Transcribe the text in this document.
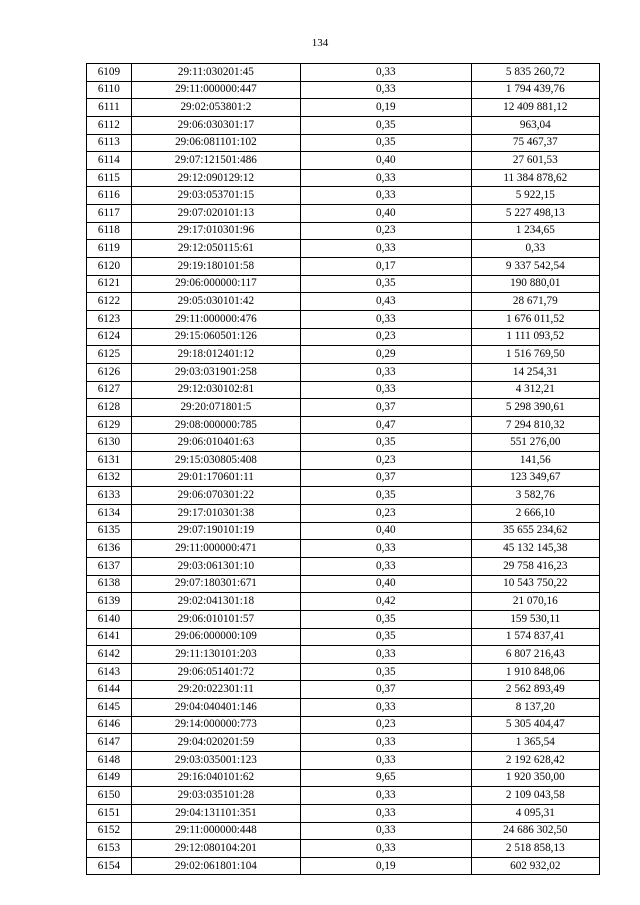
134
6109	29:11:030201:45	0,33	5 835 260,72
6110	29:11:000000:447	0,33	1 794 439,76
6111	29:02:053801:2	0,19	12 409 881,12
6112	29:06:030301:17	0,35	963,04
6113	29:06:081101:102	0,35	75 467,37
6114	29:07:121501:486	0,40	27 601,53
6115	29:12:090129:12	0,33	11 384 878,62
6116	29:03:053701:15	0,33	5 922,15
6117	29:07:020101:13	0,40	5 227 498,13
6118	29:17:010301:96	0,23	1 234,65
6119	29:12:050115:61	0,33	0,33
6120	29:19:180101:58	0,17	9 337 542,54
6121	29:06:000000:117	0,35	190 880,01
6122	29:05:030101:42	0,43	28 671,79
6123	29:11:000000:476	0,33	1 676 011,52
6124	29:15:060501:126	0,23	1 111 093,52
6125	29:18:012401:12	0,29	1 516 769,50
6126	29:03:031901:258	0,33	14 254,31
6127	29:12:030102:81	0,33	4 312,21
6128	29:20:071801:5	0,37	5 298 390,61
6129	29:08:000000:785	0,47	7 294 810,32
6130	29:06:010401:63	0,35	551 276,00
6131	29:15:030805:408	0,23	141,56
6132	29:01:170601:11	0,37	123 349,67
6133	29:06:070301:22	0,35	3 582,76
6134	29:17:010301:38	0,23	2 666,10
6135	29:07:190101:19	0,40	35 655 234,62
6136	29:11:000000:471	0,33	45 132 145,38
6137	29:03:061301:10	0,33	29 758 416,23
6138	29:07:180301:671	0,40	10 543 750,22
6139	29:02:041301:18	0,42	21 070,16
6140	29:06:010101:57	0,35	159 530,11
6141	29:06:000000:109	0,35	1 574 837,41
6142	29:11:130101:203	0,33	6 807 216,43
6143	29:06:051401:72	0,35	1 910 848,06
6144	29:20:022301:11	0,37	2 562 893,49
6145	29:04:040401:146	0,33	8 137,20
6146	29:14:000000:773	0,23	5 305 404,47
6147	29:04:020201:59	0,33	1 365,54
6148	29:03:035001:123	0,33	2 192 628,42
6149	29:16:040101:62	9,65	1 920 350,00
6150	29:03:035101:28	0,33	2 109 043,58
6151	29:04:131101:351	0,33	4 095,31
6152	29:11:000000:448	0,33	24 686 302,50
6153	29:12:080104:201	0,33	2 518 858,13
6154	29:02:061801:104	0,19	602 932,02
